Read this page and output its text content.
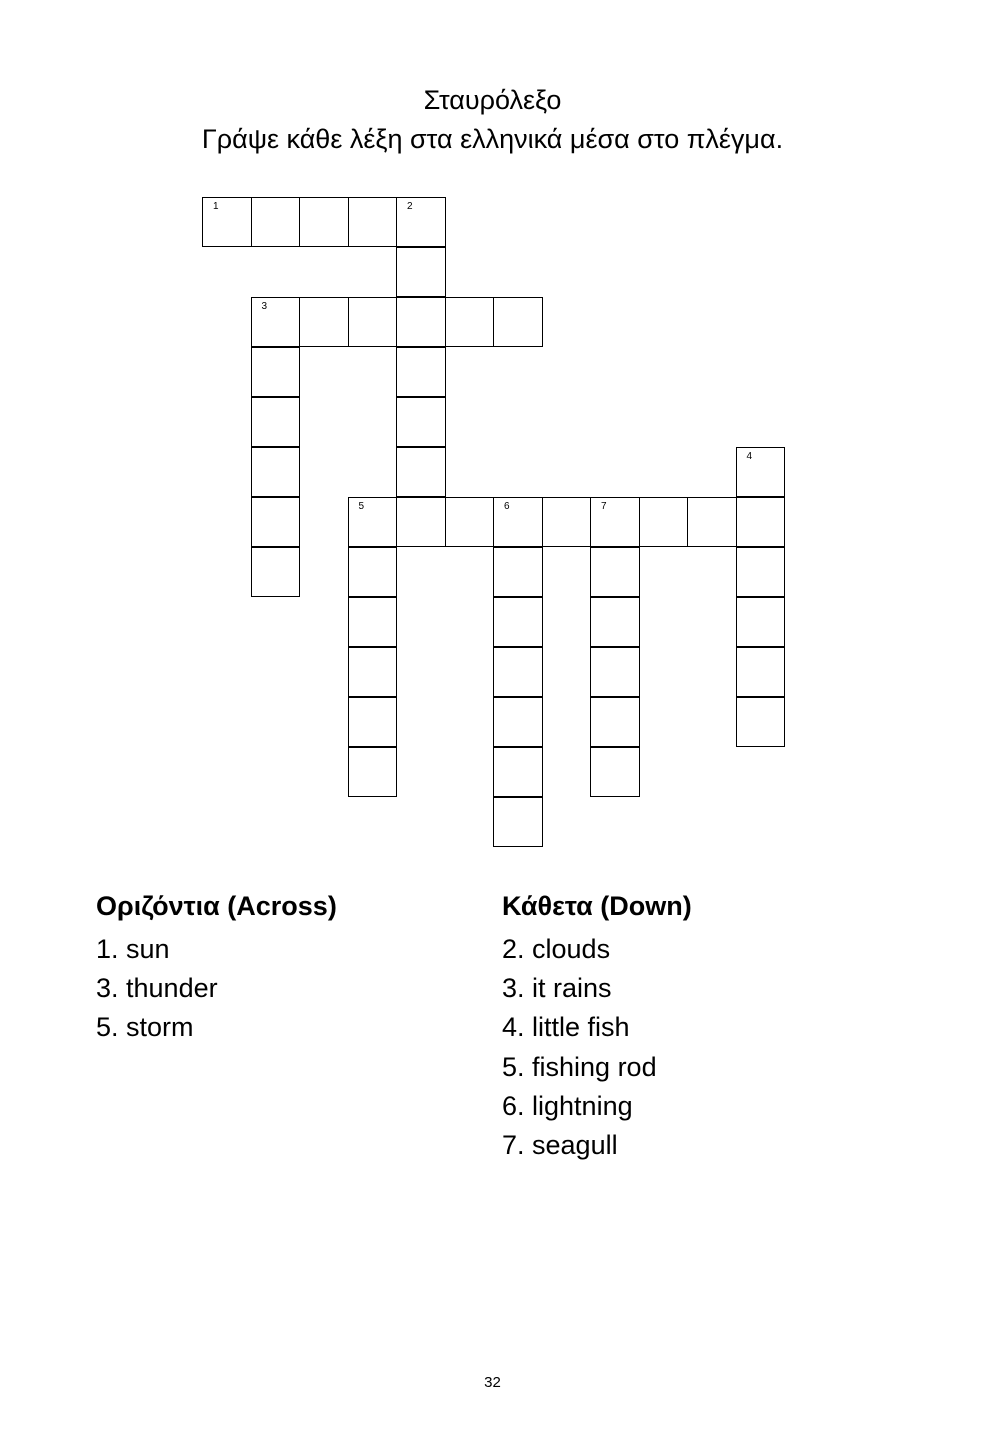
Σταυρόλεξο
Γράψε κάθε λέξη στα ελληνικά μέσα στο πλέγμα.
1	2
3
4
5	6	7
Οριζόντια (Across)
1. sun
3. thunder
5. storm
Κάθετα (Down)
2. clouds
3. it rains
4. little fish
5. fishing rod
6. lightning
7. seagull
32
